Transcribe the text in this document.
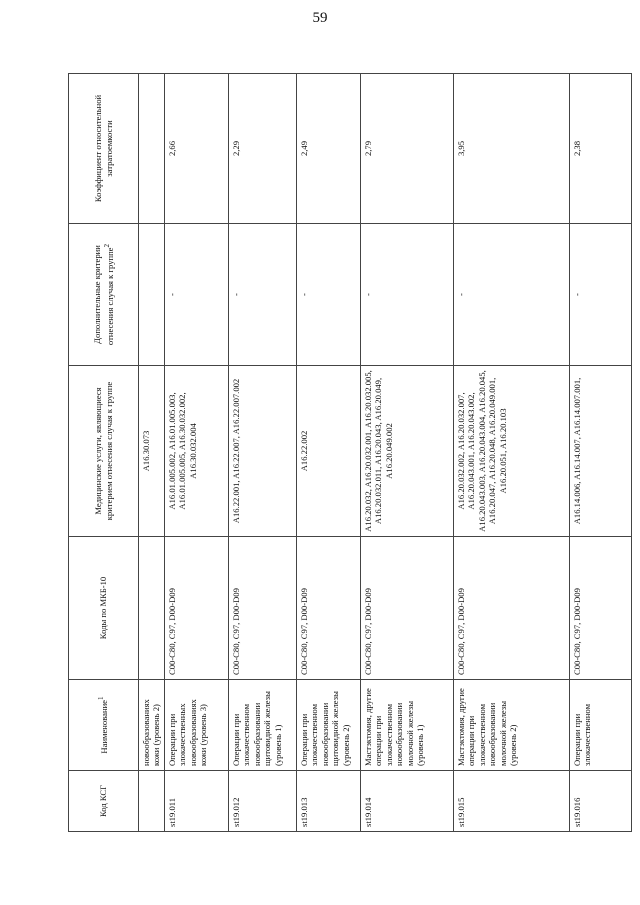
59
Код КСГ	Наименование$^1$	Коды по МКБ-10	Медицинские услуги, являющиеся критерием отнесения случая к группе	Дополнительные критерии отнесения случая к группе$^2$	Коэффициент относительной затратоемкости
	новообразованиях кожи (уровень 2)		A16.30.073		
st19.011	Операции при злокачественных новообразованиях кожи (уровень 3)	C00-C80, C97, D00-D09	A16.01.005.002, A16.01.005.003, A16.01.005.005, A16.30.032.002, A16.30.032.004	-	2,66
st19.012	Операции при злокачественном новообразовании щитовидной железы (уровень 1)	C00-C80, C97, D00-D09	A16.22.001, A16.22.007, A16.22.007.002	-	2,29
st19.013	Операции при злокачественном новообразовании щитовидной железы (уровень 2)	C00-C80, C97, D00-D09	A16.22.002	-	2,49
st19.014	Мастэктомия, другие операции при злокачественном новообразовании молочной железы (уровень 1)	C00-C80, C97, D00-D09	A16.20.032, A16.20.032.001, A16.20.032.005, A16.20.032.011, A16.20.043, A16.20.049, A16.20.049.002	-	2,79
st19.015	Мастэктомия, другие операции при злокачественном новообразовании молочной железы (уровень 2)	C00-C80, C97, D00-D09	A16.20.032.002, A16.20.032.007, A16.20.043.001, A16.20.043.002, A16.20.043.003, A16.20.043.004, A16.20.045, A16.20.047, A16.20.048, A16.20.049.001, A16.20.051, A16.20.103	-	3,95
st19.016	Операции при злокачественном	C00-C80, C97, D00-D09	A16.14.006, A16.14.007, A16.14.007.001,	-	2,38
